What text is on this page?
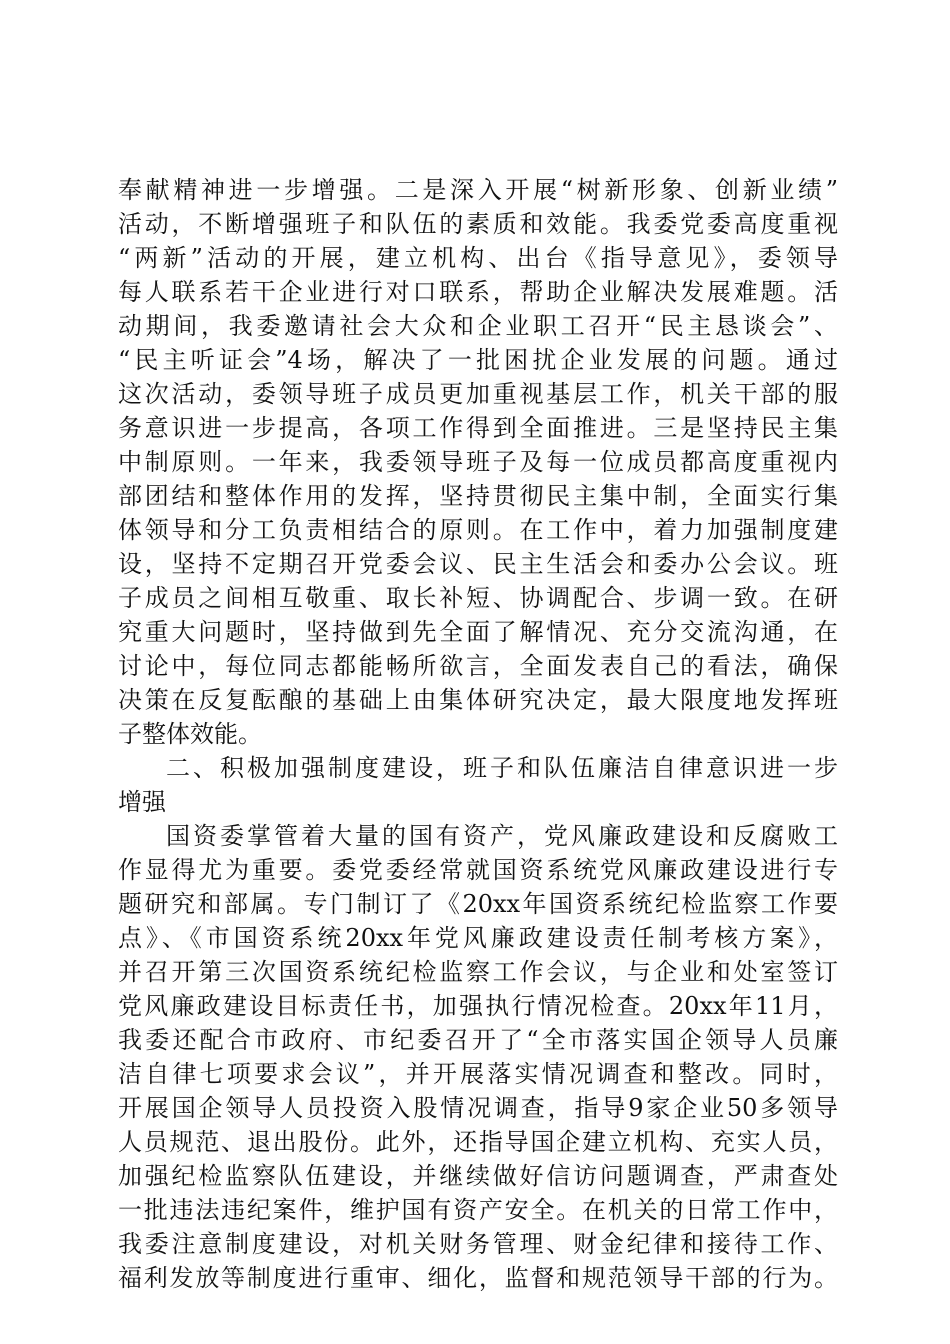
奉献精神进一步增强。二是深入开展“树新形象、创新业绩”
活动，不断增强班子和队伍的素质和效能。我委党委高度重视
“两新”活动的开展，建立机构、出台《指导意见》，委领导
每人联系若干企业进行对口联系，帮助企业解决发展难题。活
动期间，我委邀请社会大众和企业职工召开“民主恳谈会”、
“民主听证会”4场，解决了一批困扰企业发展的问题。通过
这次活动，委领导班子成员更加重视基层工作，机关干部的服
务意识进一步提高，各项工作得到全面推进。三是坚持民主集
中制原则。一年来，我委领导班子及每一位成员都高度重视内
部团结和整体作用的发挥，坚持贯彻民主集中制，全面实行集
体领导和分工负责相结合的原则。在工作中，着力加强制度建
设，坚持不定期召开党委会议、民主生活会和委办公会议。班
子成员之间相互敬重、取长补短、协调配合、步调一致。在研
究重大问题时，坚持做到先全面了解情况、充分交流沟通，在
讨论中，每位同志都能畅所欲言，全面发表自己的看法，确保
决策在反复酝酿的基础上由集体研究决定，最大限度地发挥班
子整体效能。
二、积极加强制度建设，班子和队伍廉洁自律意识进一步
增强
国资委掌管着大量的国有资产，党风廉政建设和反腐败工
作显得尤为重要。委党委经常就国资系统党风廉政建设进行专
题研究和部属。专门制订了《20xx年国资系统纪检监察工作要
点》、《市国资系统20xx年党风廉政建设责任制考核方案》，
并召开第三次国资系统纪检监察工作会议，与企业和处室签订
党风廉政建设目标责任书，加强执行情况检查。20xx年11月，
我委还配合市政府、市纪委召开了“全市落实国企领导人员廉
洁自律七项要求会议”，并开展落实情况调查和整改。同时，
开展国企领导人员投资入股情况调查，指导9家企业50多领导
人员规范、退出股份。此外，还指导国企建立机构、充实人员，
加强纪检监察队伍建设，并继续做好信访问题调查，严肃查处
一批违法违纪案件，维护国有资产安全。在机关的日常工作中，
我委注意制度建设，对机关财务管理、财金纪律和接待工作、
福利发放等制度进行重审、细化，监督和规范领导干部的行为。
